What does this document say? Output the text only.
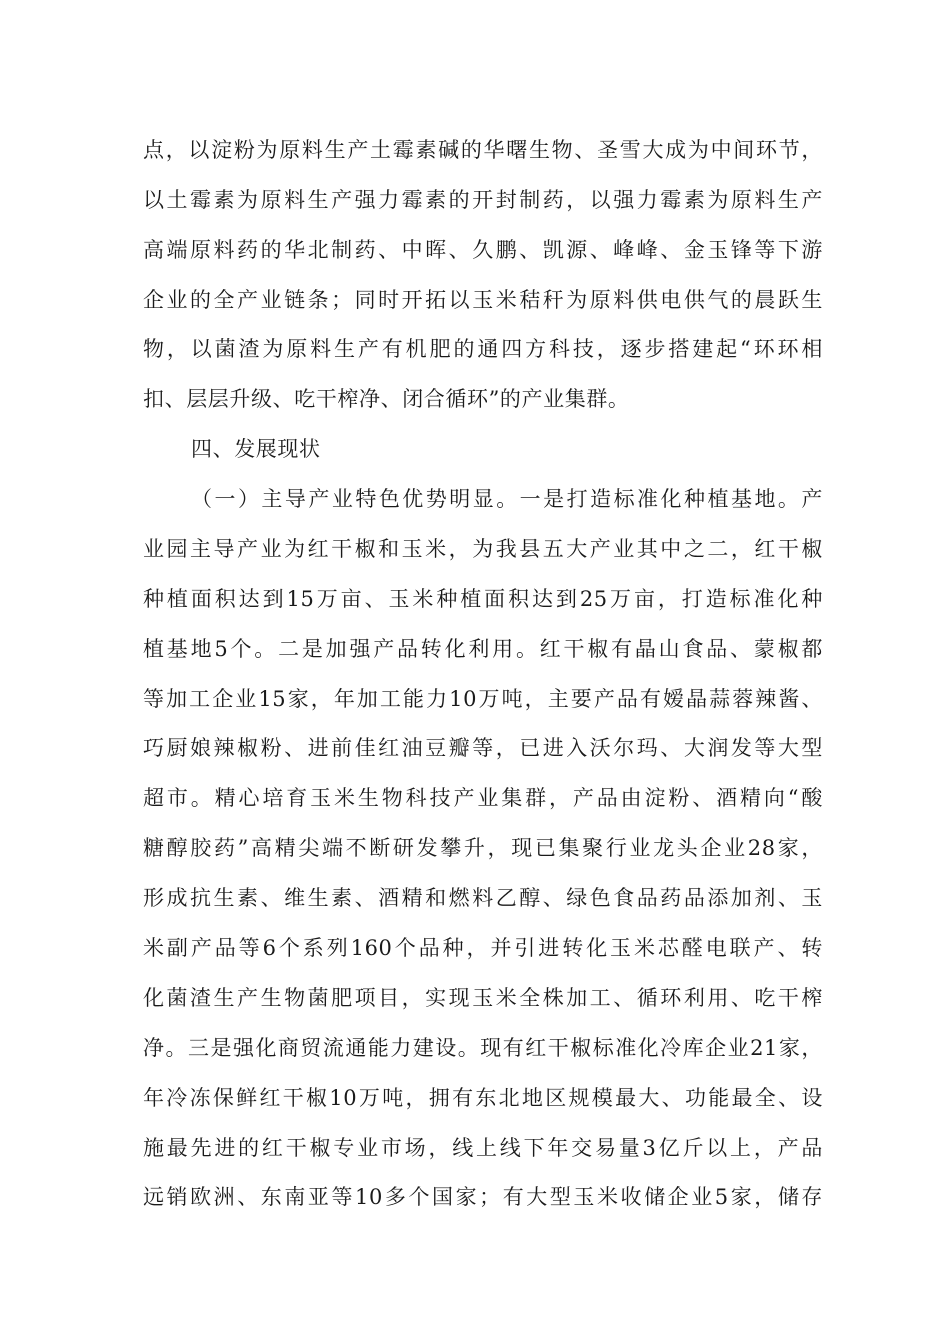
点，以淀粉为原料生产土霉素碱的华曙生物、圣雪大成为中间环节，
以土霉素为原料生产强力霉素的开封制药，以强力霉素为原料生产
高端原料药的华北制药、中晖、久鹏、凯源、峰峰、金玉锋等下游
企业的全产业链条；同时开拓以玉米秸秆为原料供电供气的晨跃生
物，以菌渣为原料生产有机肥的通四方科技，逐步搭建起“环环相
扣、层层升级、吃干榨净、闭合循环”的产业集群。
四、发展现状
（一）主导产业特色优势明显。一是打造标准化种植基地。产
业园主导产业为红干椒和玉米，为我县五大产业其中之二，红干椒
种植面积达到15万亩、玉米种植面积达到25万亩，打造标准化种
植基地5个。二是加强产品转化利用。红干椒有晶山食品、蒙椒都
等加工企业15家，年加工能力10万吨，主要产品有嫒晶蒜蓉辣酱、
巧厨娘辣椒粉、进前佳红油豆瓣等，已进入沃尔玛、大润发等大型
超市。精心培育玉米生物科技产业集群，产品由淀粉、酒精向“酸
糖醇胶药”高精尖端不断研发攀升，现已集聚行业龙头企业28家，
形成抗生素、维生素、酒精和燃料乙醇、绿色食品药品添加剂、玉
米副产品等6个系列160个品种，并引进转化玉米芯醛电联产、转
化菌渣生产生物菌肥项目，实现玉米全株加工、循环利用、吃干榨
净。三是强化商贸流通能力建设。现有红干椒标准化冷库企业21家，
年冷冻保鲜红干椒10万吨，拥有东北地区规模最大、功能最全、设
施最先进的红干椒专业市场，线上线下年交易量3亿斤以上，产品
远销欧洲、东南亚等10多个国家；有大型玉米收储企业5家，储存
